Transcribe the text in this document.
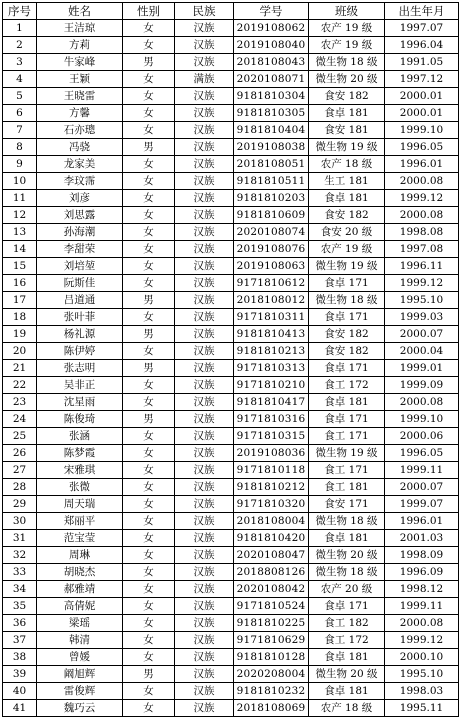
序号	姓名	性别	民族	学号	班级	出生年月
1	王洁琼	女	汉族	2019108062	农产 19 级	1997.07
2	方莉	女	汉族	2019108040	农产 19 级	1996.04
3	牛家峰	男	汉族	2018108043	微生物 18 级	1991.05
4	王颖	女	满族	2020108071	微生物 20 级	1997.12
5	王晓雷	女	汉族	9181810304	食安 182	2000.01
6	方馨	女	汉族	9181810305	食卓 181	2000.01
7	石亦璁	女	汉族	9181810404	食安 181	1999.10
8	冯骁	男	汉族	2019108038	微生物 19 级	1996.05
9	龙家美	女	汉族	2018108051	农产 18 级	1996.01
10	李玟霈	女	汉族	9181810511	生工 181	2000.08
11	刘彦	女	汉族	9181810203	食卓 181	1999.12
12	刘思露	女	汉族	9181810609	食安 182	2000.08
13	孙海潮	女	汉族	2020108074	食安 20 级	1998.08
14	李甜荣	女	汉族	2019108076	农产 19 级	1997.08
15	刘培堃	女	汉族	2019108063	微生物 19 级	1996.11
16	阮斯佳	女	汉族	9171810612	食卓 171	1999.12
17	吕道通	男	汉族	2018108012	微生物 18 级	1995.10
18	张叶菲	女	汉族	9171810311	食卓 171	1999.03
19	杨礼源	男	汉族	9181810413	食安 182	2000.07
20	陈伊婷	女	汉族	9181810213	食安 182	2000.04
21	张志明	男	汉族	9171810313	食卓 171	1999.01
22	吴非正	女	汉族	9171810210	食工 172	1999.09
23	沈星雨	女	汉族	9181810417	食卓 181	2000.08
24	陈俊琦	男	汉族	9171810316	食卓 171	1999.10
25	张涵	女	汉族	9171810315	食工 171	2000.06
26	陈梦霞	女	汉族	2019108036	微生物 19 级	1996.05
27	宋雅琪	女	汉族	9171810118	食工 171	1999.11
28	张微	女	汉族	9181810212	食工 181	2000.07
29	周天瑞	女	汉族	9171810320	食安 171	1999.07
30	郑丽平	女	汉族	2018108004	微生物 18 级	1996.01
31	范宝莹	女	汉族	9181810420	食卓 181	2001.03
32	周琳	女	汉族	2020108047	微生物 20 级	1998.09
33	胡晓杰	女	汉族	2018808126	微生物 18 级	1996.09
34	郝雅靖	女	汉族	2020108042	农产 20 级	1998.12
35	高倩妮	女	汉族	9171810524	食卓 171	1999.11
36	梁瑶	女	汉族	9181810225	食工 182	2000.08
37	韩清	女	汉族	9171810629	食工 172	1999.12
38	曾媛	女	汉族	9181810128	食卓 181	2000.10
39	阚旭辉	男	汉族	2020208004	微生物 20 级	1995.10
40	雷俊辉	女	汉族	9181810232	食卓 181	1998.03
41	魏巧云	女	汉族	2018108069	农产 18 级	1995.11
